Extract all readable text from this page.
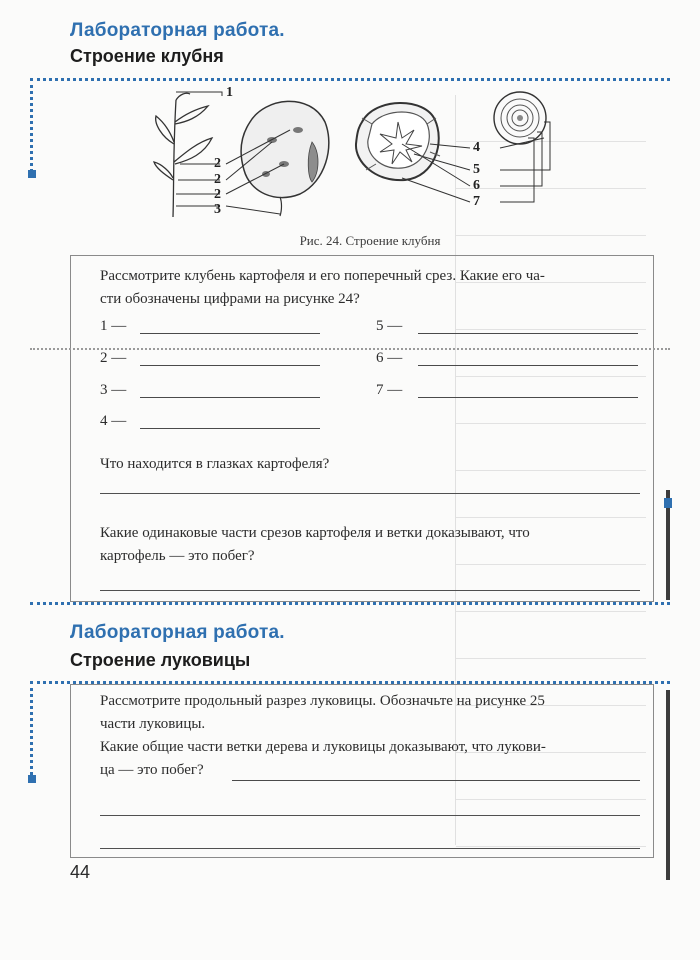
Лабораторная работа.
Строение клубня
1
2
2
2
3
4
5
6
7
Рис. 24. Строение клубня
Рассмотрите клубень картофеля и его поперечный срез. Какие его ча-
сти обозначены цифрами на рисунке 24?
1 —	5 —
2 —	6 —
3 —	7 —
4 —
Что находится в глазках картофеля?
Какие одинаковые части срезов картофеля и ветки доказывают, что
картофель — это побег?
Лабораторная работа.
Строение луковицы
Рассмотрите продольный разрез луковицы. Обозначьте на рисунке 25
части луковицы.
Какие общие части ветки дерева и луковицы доказывают, что лукови-
ца — это побег?
44
